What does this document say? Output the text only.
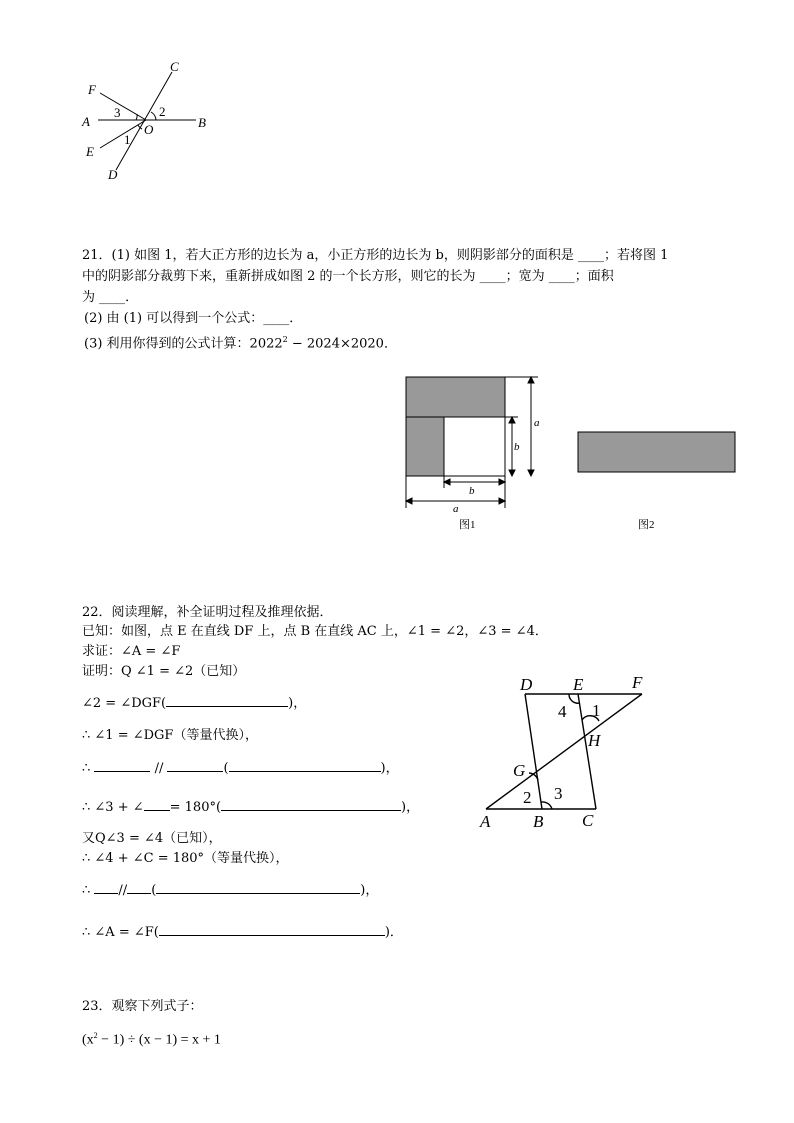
C
F
A
3	2
O	B
1
E
D
21．(1) 如图 1，若大正方形的边长为 a，小正方形的边长为 b，则阴影部分的面积是 ____；若将图 1
中的阴影部分裁剪下来，重新拼成如图 2 的一个长方形，则它的长为 ____；宽为 ____；面积
为 ____．
(2) 由 (1) 可以得到一个公式：____．
(3) 利用你得到的公式计算：$2022^2 - 2024\times 2020$．
a
b
b
a
图1	图2
22．阅读理解，补全证明过程及推理依据．
已知：如图，点 E 在直线 DF 上，点 B 在直线 AC 上，∠1 = ∠2，∠3 = ∠4．
求证：∠A = ∠F
证明：Q ∠1 = ∠2（已知）
∠2 = ∠DGF(	)，
∴ ∠1 = ∠DGF（等量代换），
∴	//	(	)，
∴ ∠3 + ∠ = 180°(	)，
又Q∠3 = ∠4（已知），
∴ ∠4 + ∠C = 180°（等量代换），
∴ // (	)，
∴ ∠A = ∠F(	)．
D E	F
4 1
H
G
2 3
A	B C
23．观察下列式子：
$(x^2 - 1) \div (x - 1) = x + 1$
